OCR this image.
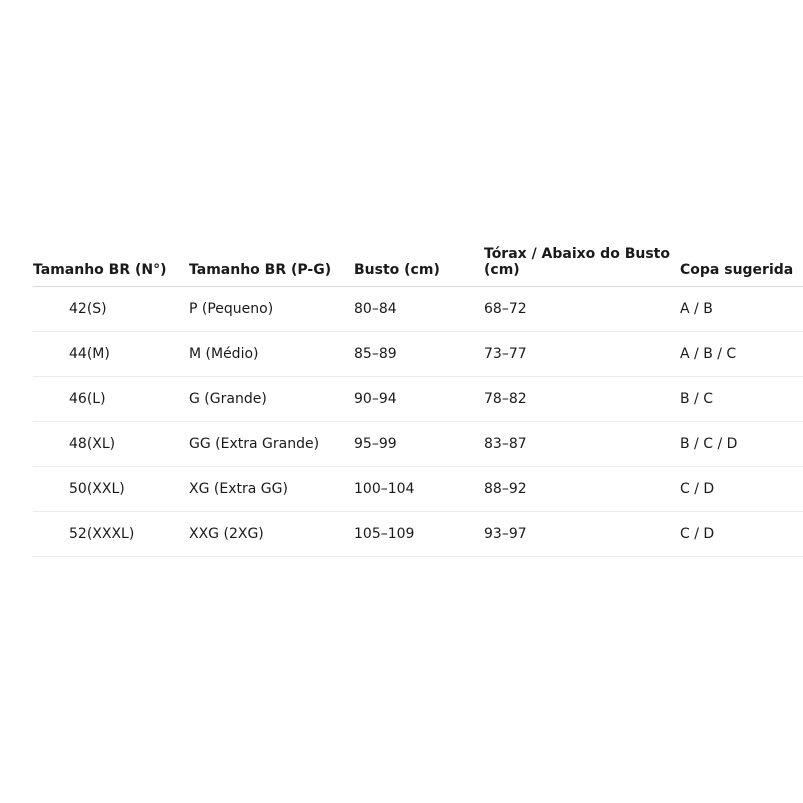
Tamanho BR (N°)	Tamanho BR (P-G)	Busto (cm)	Tórax / Abaixo do Busto (cm)	Copa sugerida
42(S)	P (Pequeno)	80–84	68–72	A / B
44(M)	M (Médio)	85–89	73–77	A / B / C
46(L)	G (Grande)	90–94	78–82	B / C
48(XL)	GG (Extra Grande)	95–99	83–87	B / C / D
50(XXL)	XG (Extra GG)	100–104	88–92	C / D
52(XXXL)	XXG (2XG)	105–109	93–97	C / D
